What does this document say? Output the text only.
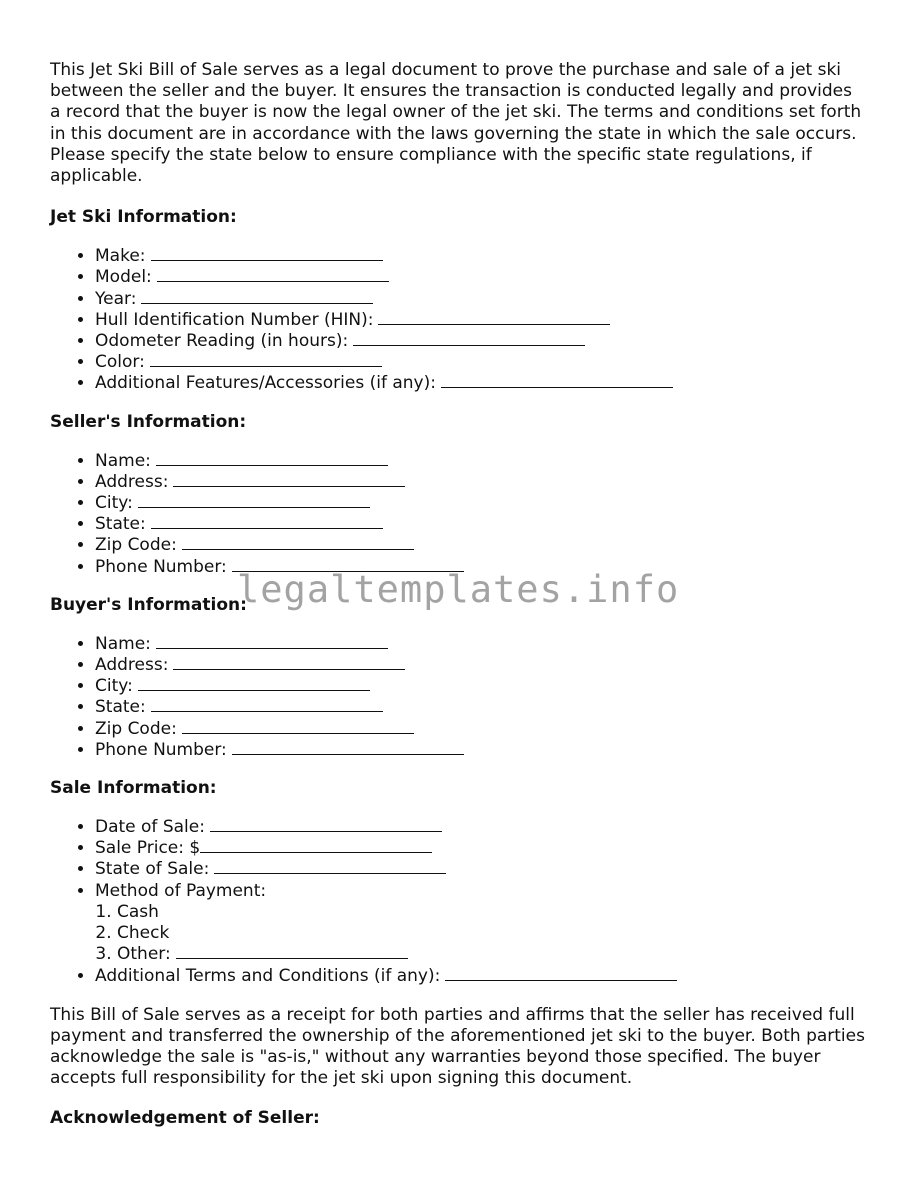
This Jet Ski Bill of Sale serves as a legal document to prove the purchase and sale of a jet ski between the seller and the buyer. It ensures the transaction is conducted legally and provides a record that the buyer is now the legal owner of the jet ski. The terms and conditions set forth in this document are in accordance with the laws governing the state in which the sale occurs. Please specify the state below to ensure compliance with the specific state regulations, if applicable.

Jet Ski Information:
• Make:
• Model:
• Year:
• Hull Identification Number (HIN):
• Odometer Reading (in hours):
• Color:
• Additional Features/Accessories (if any):
Seller's Information:
• Name:
• Address:
• City:
• State:
• Zip Code:
• Phone Number:
Buyer's Information:
• Name:
• Address:
• City:
• State:
• Zip Code:
• Phone Number:
Sale Information:
• Date of Sale:
• Sale Price: $
• State of Sale:
• Method of Payment:
1. Cash
2. Check
3. Other:
• Additional Terms and Conditions (if any):

This Bill of Sale serves as a receipt for both parties and affirms that the seller has received full payment and transferred the ownership of the aforementioned jet ski to the buyer. Both parties acknowledge the sale is "as-is," without any warranties beyond those specified. The buyer accepts full responsibility for the jet ski upon signing this document.

Acknowledgement of Seller:
legaltemplates.info
